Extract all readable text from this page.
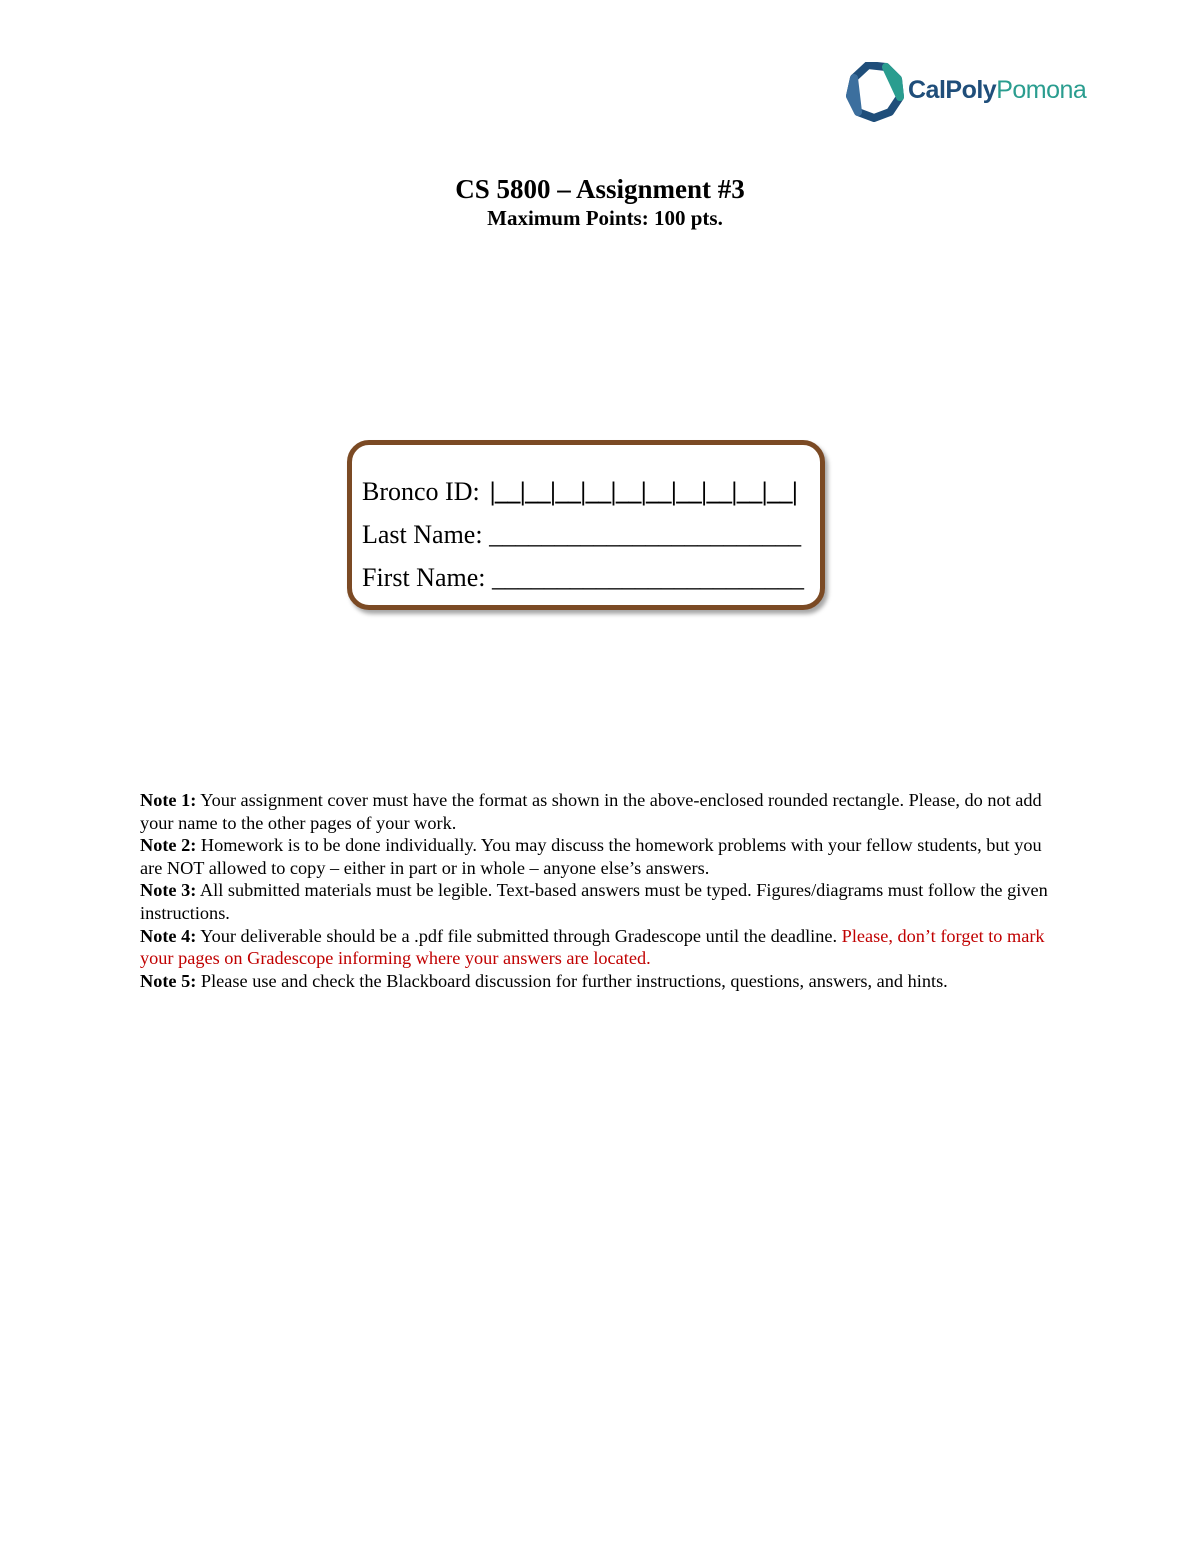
CalPolyPomona
CS 5800 – Assignment #3
Maximum Points: 100 pts.
Bronco ID: |__|__|__|__|__|__|__|__|__|__|
Last Name: ________________________
First Name: ________________________

Note 1: Your assignment cover must have the format as shown in the above-enclosed rounded rectangle. Please, do not add your name to the other pages of your work.

Note 2: Homework is to be done individually. You may discuss the homework problems with your fellow students, but you are NOT allowed to copy – either in part or in whole – anyone else’s answers.

Note 3: All submitted materials must be legible. Text-based answers must be typed. Figures/diagrams must follow the given instructions.

Note 4: Your deliverable should be a .pdf file submitted through Gradescope until the deadline. Please, don’t forget to mark your pages on Gradescope informing where your answers are located.

Note 5: Please use and check the Blackboard discussion for further instructions, questions, answers, and hints.
